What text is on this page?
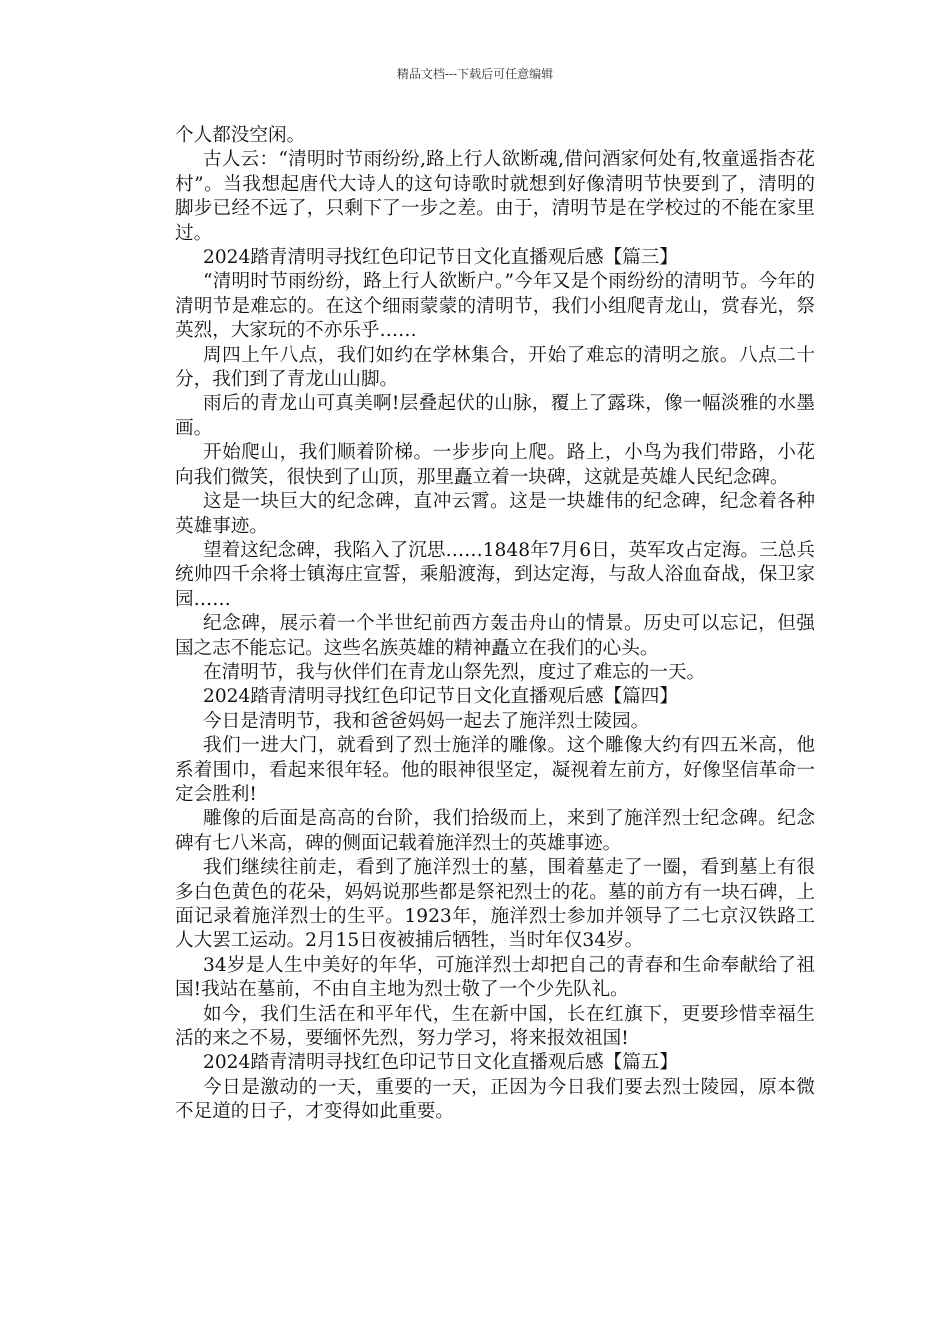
精品文档---下载后可任意编辑

个人都没空闲。

古人云：“清明时节雨纷纷,路上行人欲断魂,借问酒家何处有,牧童遥指杏花村”。当我想起唐代大诗人的这句诗歌时就想到好像清明节快要到了，清明的脚步已经不远了，只剩下了一步之差。由于，清明节是在学校过的不能在家里过。

2024踏青清明寻找红色印记节日文化直播观后感【篇三】

“清明时节雨纷纷，路上行人欲断户。”今年又是个雨纷纷的清明节。今年的清明节是难忘的。在这个细雨蒙蒙的清明节，我们小组爬青龙山，赏春光，祭英烈，大家玩的不亦乐乎……

周四上午八点，我们如约在学林集合，开始了难忘的清明之旅。八点二十分，我们到了青龙山山脚。

雨后的青龙山可真美啊!层叠起伏的山脉，覆上了露珠，像一幅淡雅的水墨画。

开始爬山，我们顺着阶梯。一步步向上爬。路上，小鸟为我们带路，小花向我们微笑，很快到了山顶，那里矗立着一块碑，这就是英雄人民纪念碑。

这是一块巨大的纪念碑，直冲云霄。这是一块雄伟的纪念碑，纪念着各种英雄事迹。

望着这纪念碑，我陷入了沉思……1848年7月6日，英军攻占定海。三总兵统帅四千余将士镇海庄宣誓，乘船渡海，到达定海，与敌人浴血奋战，保卫家园……

纪念碑，展示着一个半世纪前西方轰击舟山的情景。历史可以忘记，但强国之志不能忘记。这些名族英雄的精神矗立在我们的心头。

在清明节，我与伙伴们在青龙山祭先烈，度过了难忘的一天。

2024踏青清明寻找红色印记节日文化直播观后感【篇四】

今日是清明节，我和爸爸妈妈一起去了施洋烈士陵园。

我们一进大门，就看到了烈士施洋的雕像。这个雕像大约有四五米高，他系着围巾，看起来很年轻。他的眼神很坚定，凝视着左前方，好像坚信革命一定会胜利!

雕像的后面是高高的台阶，我们拾级而上，来到了施洋烈士纪念碑。纪念碑有七八米高，碑的侧面记载着施洋烈士的英雄事迹。

我们继续往前走，看到了施洋烈士的墓，围着墓走了一圈，看到墓上有很多白色黄色的花朵，妈妈说那些都是祭祀烈士的花。墓的前方有一块石碑，上面记录着施洋烈士的生平。1923年，施洋烈士参加并领导了二七京汉铁路工人大罢工运动。2月15日夜被捕后牺牲，当时年仅34岁。

34岁是人生中美好的年华，可施洋烈士却把自己的青春和生命奉献给了祖国!我站在墓前，不由自主地为烈士敬了一个少先队礼。

如今，我们生活在和平年代，生在新中国，长在红旗下，更要珍惜幸福生活的来之不易，要缅怀先烈，努力学习，将来报效祖国!

2024踏青清明寻找红色印记节日文化直播观后感【篇五】

今日是激动的一天，重要的一天，正因为今日我们要去烈士陵园，原本微不足道的日子，才变得如此重要。
